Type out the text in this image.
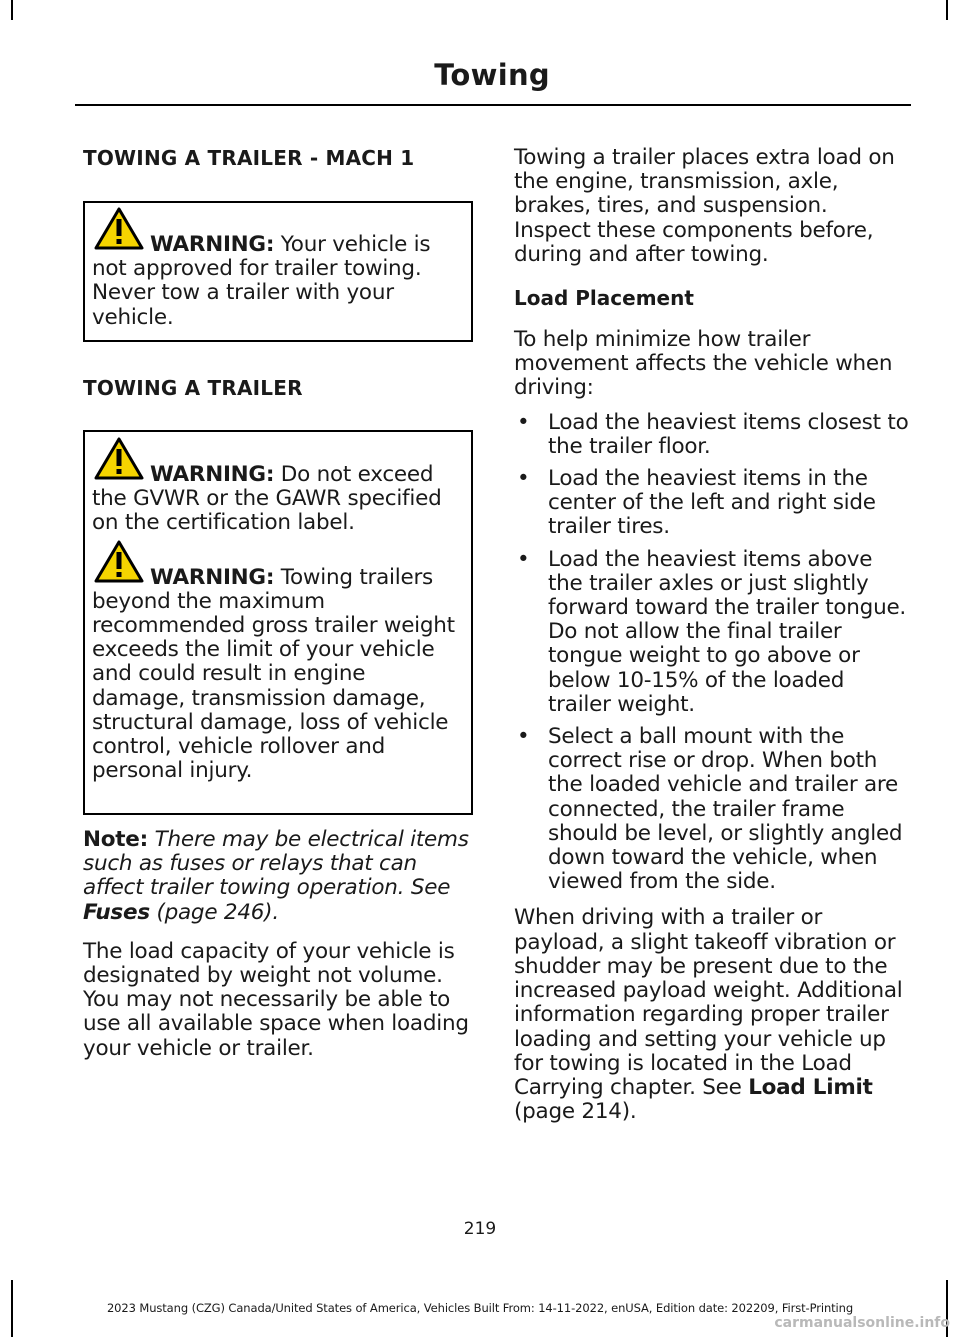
Towing
TOWING A TRAILER - MACH 1
WARNING: Your vehicle is not approved for trailer towing. Never tow a trailer with your vehicle.
TOWING A TRAILER
WARNING: Do not exceed the GVWR or the GAWR specified on the certification label.
WARNING: Towing trailers beyond the maximum recommended gross trailer weight exceeds the limit of your vehicle and could result in engine damage, transmission damage, structural damage, loss of vehicle control, vehicle rollover and personal injury.

Note: There may be electrical items such as fuses or relays that can affect trailer towing operation. See Fuses (page 246).

The load capacity of your vehicle is designated by weight not volume. You may not necessarily be able to use all available space when loading your vehicle or trailer.

Towing a trailer places extra load on the engine, transmission, axle, brakes, tires, and suspension. Inspect these components before, during and after towing.

Load Placement

To help minimize how trailer movement affects the vehicle when driving:

• Load the heaviest items closest to the trailer floor.
• Load the heaviest items in the center of the left and right side trailer tires.
• Load the heaviest items above the trailer axles or just slightly forward toward the trailer tongue. Do not allow the final trailer tongue weight to go above or below 10-15% of the loaded trailer weight.
• Select a ball mount with the correct rise or drop. When both the loaded vehicle and trailer are connected, the trailer frame should be level, or slightly angled down toward the vehicle, when viewed from the side.

When driving with a trailer or payload, a slight takeoff vibration or shudder may be present due to the increased payload weight. Additional information regarding proper trailer loading and setting your vehicle up for towing is located in the Load Carrying chapter. See Load Limit (page 214).

219
2023 Mustang (CZG) Canada/United States of America, Vehicles Built From: 14-11-2022, enUSA, Edition date: 202209, First-Printing
carmanualsonline.info
